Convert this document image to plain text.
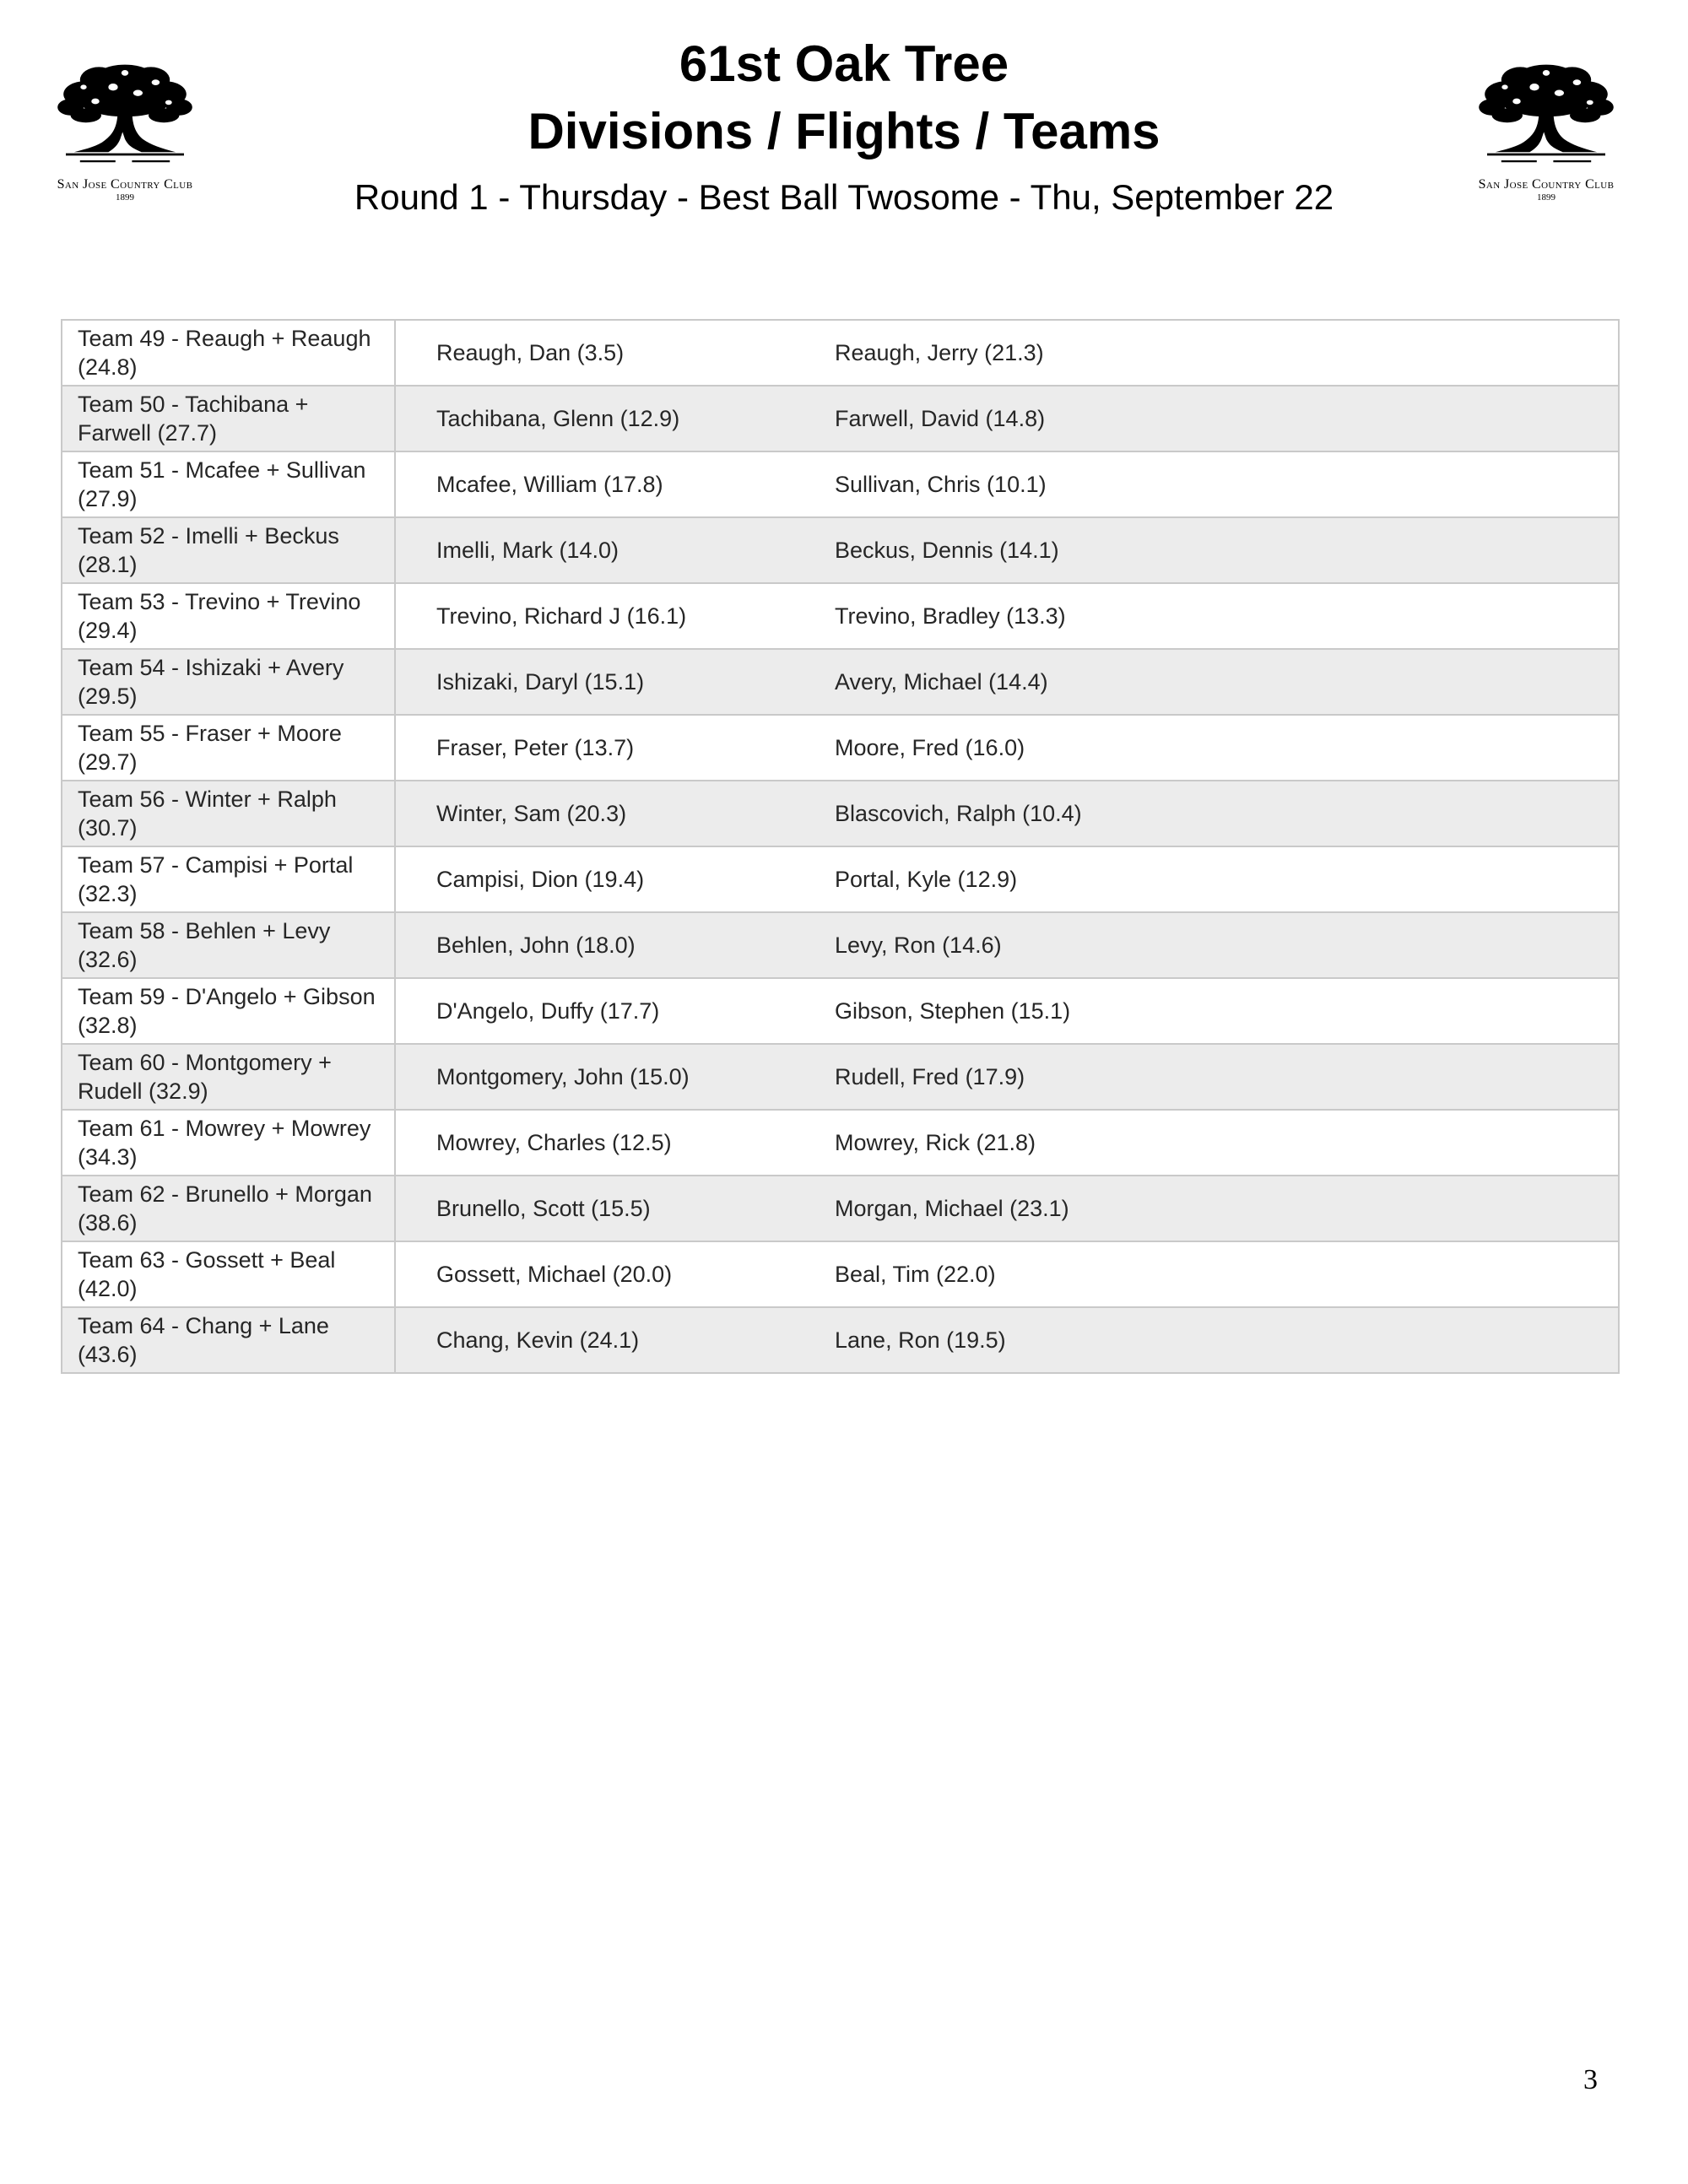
San Jose Country Club
1899
San Jose Country Club
1899
61st Oak Tree
Divisions / Flights / Teams
Round 1 - Thursday - Best Ball Twosome - Thu, September 22
Team 49 - Reaugh + Reaugh (24.8)	Reaugh, Dan (3.5)	Reaugh, Jerry (21.3)
Team 50 - Tachibana + Farwell (27.7)	Tachibana, Glenn (12.9)	Farwell, David (14.8)
Team 51 - Mcafee + Sullivan (27.9)	Mcafee, William (17.8)	Sullivan, Chris (10.1)
Team 52 - Imelli + Beckus (28.1)	Imelli, Mark (14.0)	Beckus, Dennis (14.1)
Team 53 - Trevino + Trevino (29.4)	Trevino, Richard J (16.1)	Trevino, Bradley (13.3)
Team 54 - Ishizaki + Avery (29.5)	Ishizaki, Daryl (15.1)	Avery, Michael (14.4)
Team 55 - Fraser + Moore (29.7)	Fraser, Peter (13.7)	Moore, Fred (16.0)
Team 56 - Winter + Ralph (30.7)	Winter, Sam (20.3)	Blascovich, Ralph (10.4)
Team 57 - Campisi + Portal (32.3)	Campisi, Dion (19.4)	Portal, Kyle (12.9)
Team 58 - Behlen + Levy (32.6)	Behlen, John (18.0)	Levy, Ron (14.6)
Team 59 - D'Angelo + Gibson (32.8)	D'Angelo, Duffy (17.7)	Gibson, Stephen (15.1)
Team 60 - Montgomery + Rudell (32.9)	Montgomery, John (15.0)	Rudell, Fred (17.9)
Team 61 - Mowrey + Mowrey (34.3)	Mowrey, Charles (12.5)	Mowrey, Rick (21.8)
Team 62 - Brunello + Morgan (38.6)	Brunello, Scott (15.5)	Morgan, Michael (23.1)
Team 63 - Gossett + Beal (42.0)	Gossett, Michael (20.0)	Beal, Tim (22.0)
Team 64 - Chang + Lane (43.6)	Chang, Kevin (24.1)	Lane, Ron (19.5)
3
